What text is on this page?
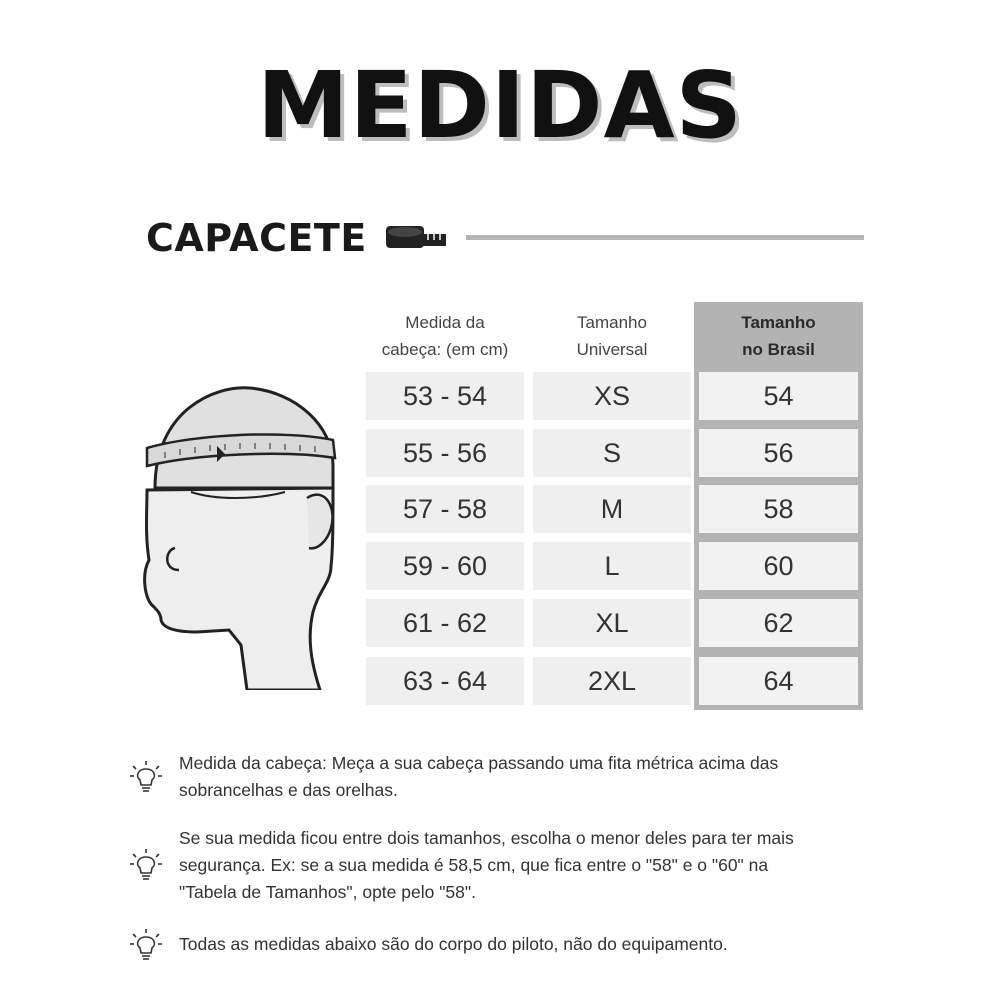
MEDIDAS
CAPACETE
Medida da
cabeça: (em cm)
Tamanho
Universal
Tamanho
no Brasil
53 - 54	XS	54
55 - 56	S	56
57 - 58	M	58
59 - 60	L	60
61 - 62	XL	62
63 - 64	2XL	64
Medida da cabeça: Meça a sua cabeça passando uma fita métrica acima das
sobrancelhas e das orelhas.
Se sua medida ficou entre dois tamanhos, escolha o menor deles para ter mais
segurança. Ex: se a sua medida é 58,5 cm, que fica entre o "58" e o "60" na
"Tabela de Tamanhos", opte pelo "58".
Todas as medidas abaixo são do corpo do piloto, não do equipamento.
